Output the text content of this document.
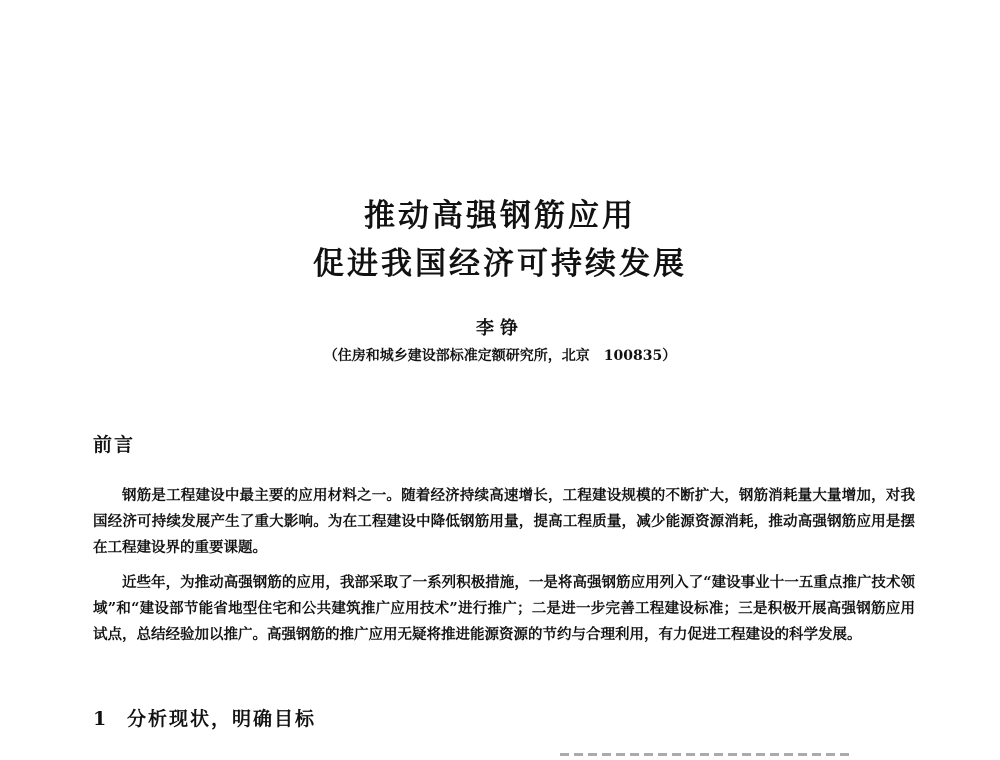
推动高强钢筋应用
促进我国经济可持续发展
李铮
（住房和城乡建设部标准定额研究所，北京　100835）
前言

钢筋是工程建设中最主要的应用材料之一。随着经济持续高速增长，工程建设规模的不断扩大，钢筋消耗量大量增加，对我国经济可持续发展产生了重大影响。为在工程建设中降低钢筋用量，提高工程质量，减少能源资源消耗，推动高强钢筋应用是摆在工程建设界的重要课题。

近些年，为推动高强钢筋的应用，我部采取了一系列积极措施，一是将高强钢筋应用列入了“建设事业十一五重点推广技术领域”和“建设部节能省地型住宅和公共建筑推广应用技术”进行推广；二是进一步完善工程建设标准；三是积极开展高强钢筋应用试点，总结经验加以推广。高强钢筋的推广应用无疑将推进能源资源的节约与合理利用，有力促进工程建设的科学发展。

1 分析现状，明确目标
